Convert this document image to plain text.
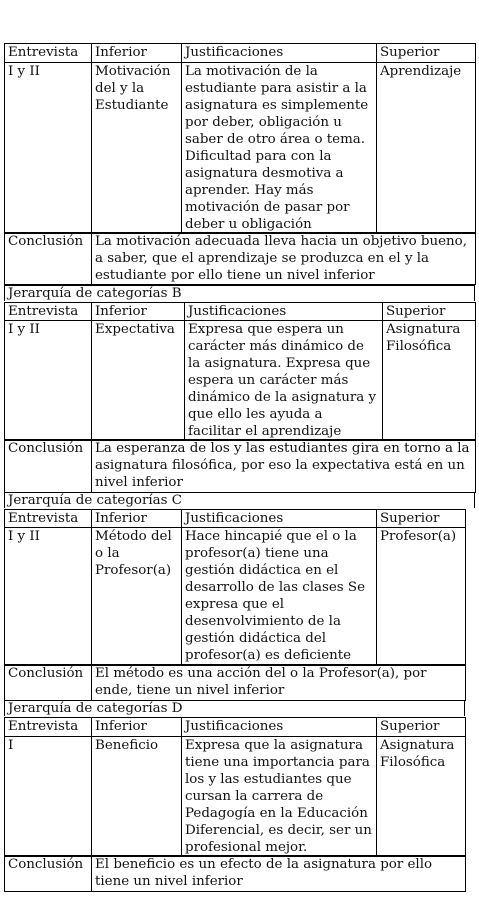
Entrevista	Inferior	Justificaciones	Superior
I y II	Motivación del y la Estudiante	La motivación de la estudiante para asistir a la asignatura es simplemente por deber, obligación u saber de otro área o tema. Dificultad para con la asignatura desmotiva a aprender. Hay más motivación de pasar por deber u obligación	Aprendizaje
Conclusión	La motivación adecuada lleva hacia un objetivo bueno, a saber, que el aprendizaje se produzca en el y la estudiante por ello tiene un nivel inferior
Jerarquía de categorías B
Entrevista	Inferior	Justificaciones	Superior
I y II	Expectativa	Expresa que espera un carácter más dinámico de la asignatura. Expresa que espera un carácter más dinámico de la asignatura y que ello les ayuda a facilitar el aprendizaje	Asignatura Filosófica
Conclusión	La esperanza de los y las estudiantes gira en torno a la asignatura filosófica, por eso la expectativa está en un nivel inferior
Jerarquía de categorías C
Entrevista	Inferior	Justificaciones	Superior
I y II	Método del o la Profesor(a)	Hace hincapié que el o la profesor(a) tiene una gestión didáctica en el desarrollo de las clases Se expresa que el desenvolvimiento de la gestión didáctica del profesor(a) es deficiente	Profesor(a)
Conclusión	El método es una acción del o la Profesor(a), por ende, tiene un nivel inferior
Jerarquía de categorías D
Entrevista	Inferior	Justificaciones	Superior
I	Beneficio	Expresa que la asignatura tiene una importancia para los y las estudiantes que cursan la carrera de Pedagogía en la Educación Diferencial, es decir, ser un profesional mejor.	Asignatura Filosófica
Conclusión	El beneficio es un efecto de la asignatura por ello tiene un nivel inferior
